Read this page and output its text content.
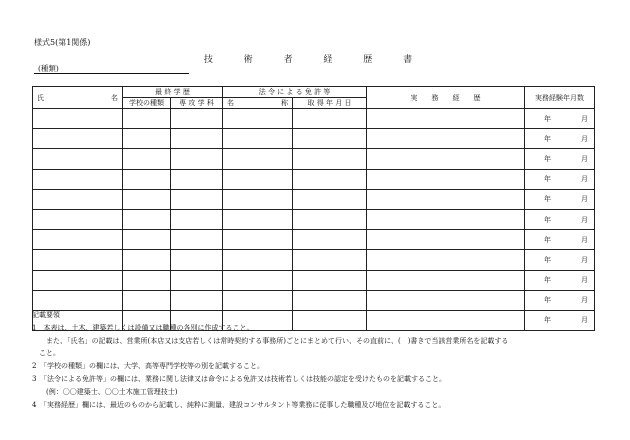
様式5(第1関係)
技 術 者 経 歴 書
(種類)
氏 名	最 終 学 歴		法 令 に よ る 免 許 等		実　　務　　経　　歴	実務経験年月数
	学校の種類	専 攻 学 科	名 称	取 得 年 月 日		
						年 月
						年 月
						年 月
						年 月
						年 月
						年 月
						年 月
						年 月
						年 月
						年 月
						年 月
記載要領
1　本表は、土木、建築若しくは設備又は職種の各別に作成すること。
　　また、「氏名」の記載は、営業所(本店又は支店若しくは常時契約する事務所)ごとにまとめて行い、その直前に、(　)書きで当該営業所名を記載する
　こと。
2　「学校の種類」の欄には、大学、高等専門学校等の別を記載すること。
3　「法令による免許等」の欄には、業務に関し法律又は命令による免許又は技術若しくは技能の認定を受けたものを記載すること。
　　(例：〇〇建築士、〇〇土木施工管理技士)
4　「実務経歴」欄には、最近のものから記載し、純粋に測量、建設コンサルタント等業務に従事した職種及び地位を記載すること。
